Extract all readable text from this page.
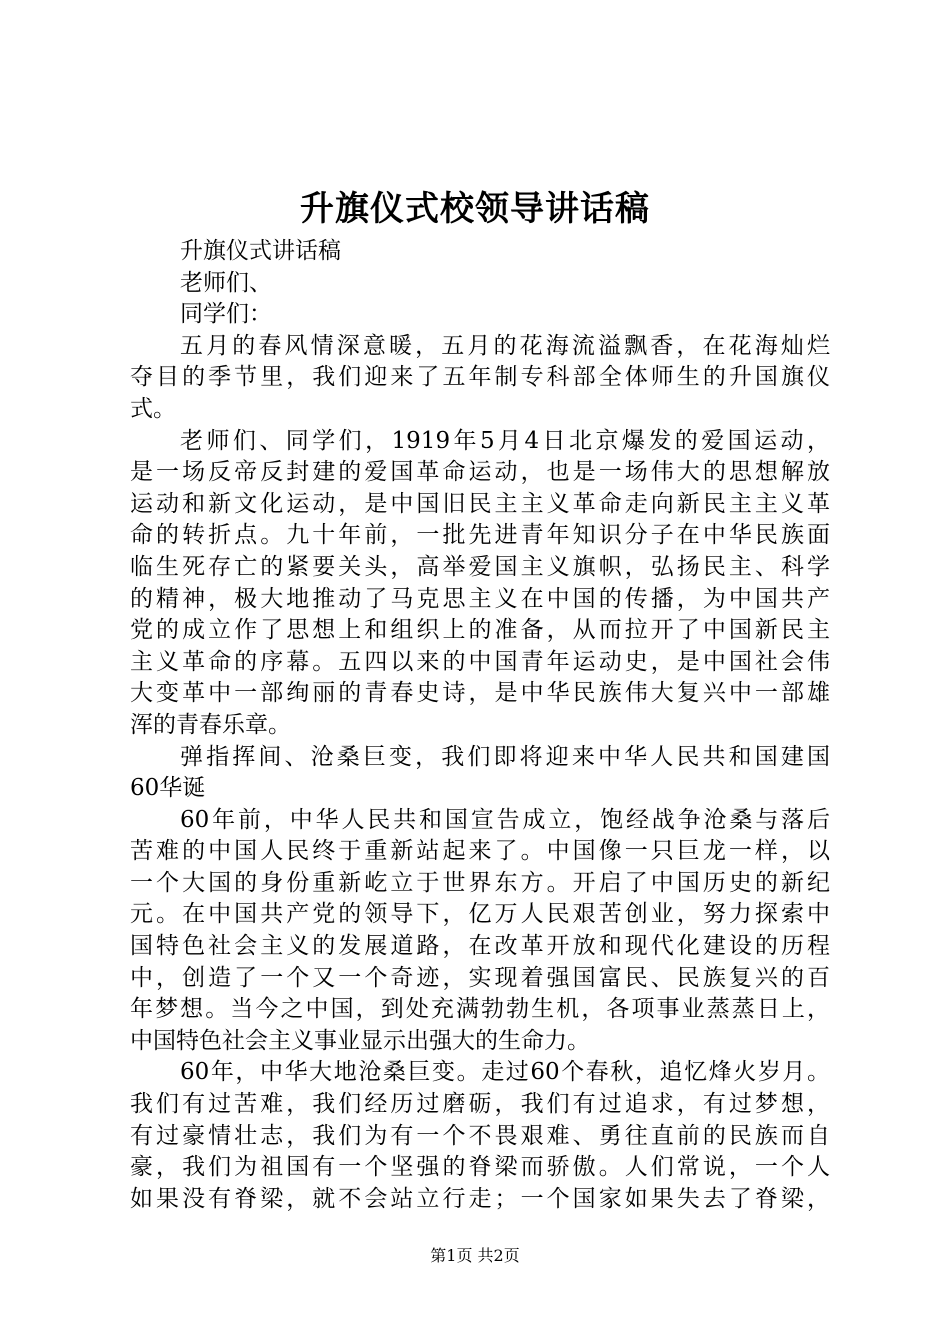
升旗仪式校领导讲话稿
升旗仪式讲话稿
老师们、
同学们：
五月的春风情深意暖，五月的花海流溢飘香，在花海灿烂
夺目的季节里，我们迎来了五年制专科部全体师生的升国旗仪
式。
老师们、同学们，1919年5月4日北京爆发的爱国运动，
是一场反帝反封建的爱国革命运动，也是一场伟大的思想解放
运动和新文化运动，是中国旧民主主义革命走向新民主主义革
命的转折点。九十年前，一批先进青年知识分子在中华民族面
临生死存亡的紧要关头，高举爱国主义旗帜，弘扬民主、科学
的精神，极大地推动了马克思主义在中国的传播，为中国共产
党的成立作了思想上和组织上的准备，从而拉开了中国新民主
主义革命的序幕。五四以来的中国青年运动史，是中国社会伟
大变革中一部绚丽的青春史诗，是中华民族伟大复兴中一部雄
浑的青春乐章。
弹指挥间、沧桑巨变，我们即将迎来中华人民共和国建国
60华诞
60年前，中华人民共和国宣告成立，饱经战争沧桑与落后
苦难的中国人民终于重新站起来了。中国像一只巨龙一样，以
一个大国的身份重新屹立于世界东方。开启了中国历史的新纪
元。在中国共产党的领导下，亿万人民艰苦创业，努力探索中
国特色社会主义的发展道路，在改革开放和现代化建设的历程
中，创造了一个又一个奇迹，实现着强国富民、民族复兴的百
年梦想。当今之中国，到处充满勃勃生机，各项事业蒸蒸日上，
中国特色社会主义事业显示出强大的生命力。
60年，中华大地沧桑巨变。走过60个春秋，追忆烽火岁月。
我们有过苦难，我们经历过磨砺，我们有过追求，有过梦想，
有过豪情壮志，我们为有一个不畏艰难、勇往直前的民族而自
豪，我们为祖国有一个坚强的脊梁而骄傲。人们常说，一个人
如果没有脊梁，就不会站立行走；一个国家如果失去了脊梁，
第1页 共2页
